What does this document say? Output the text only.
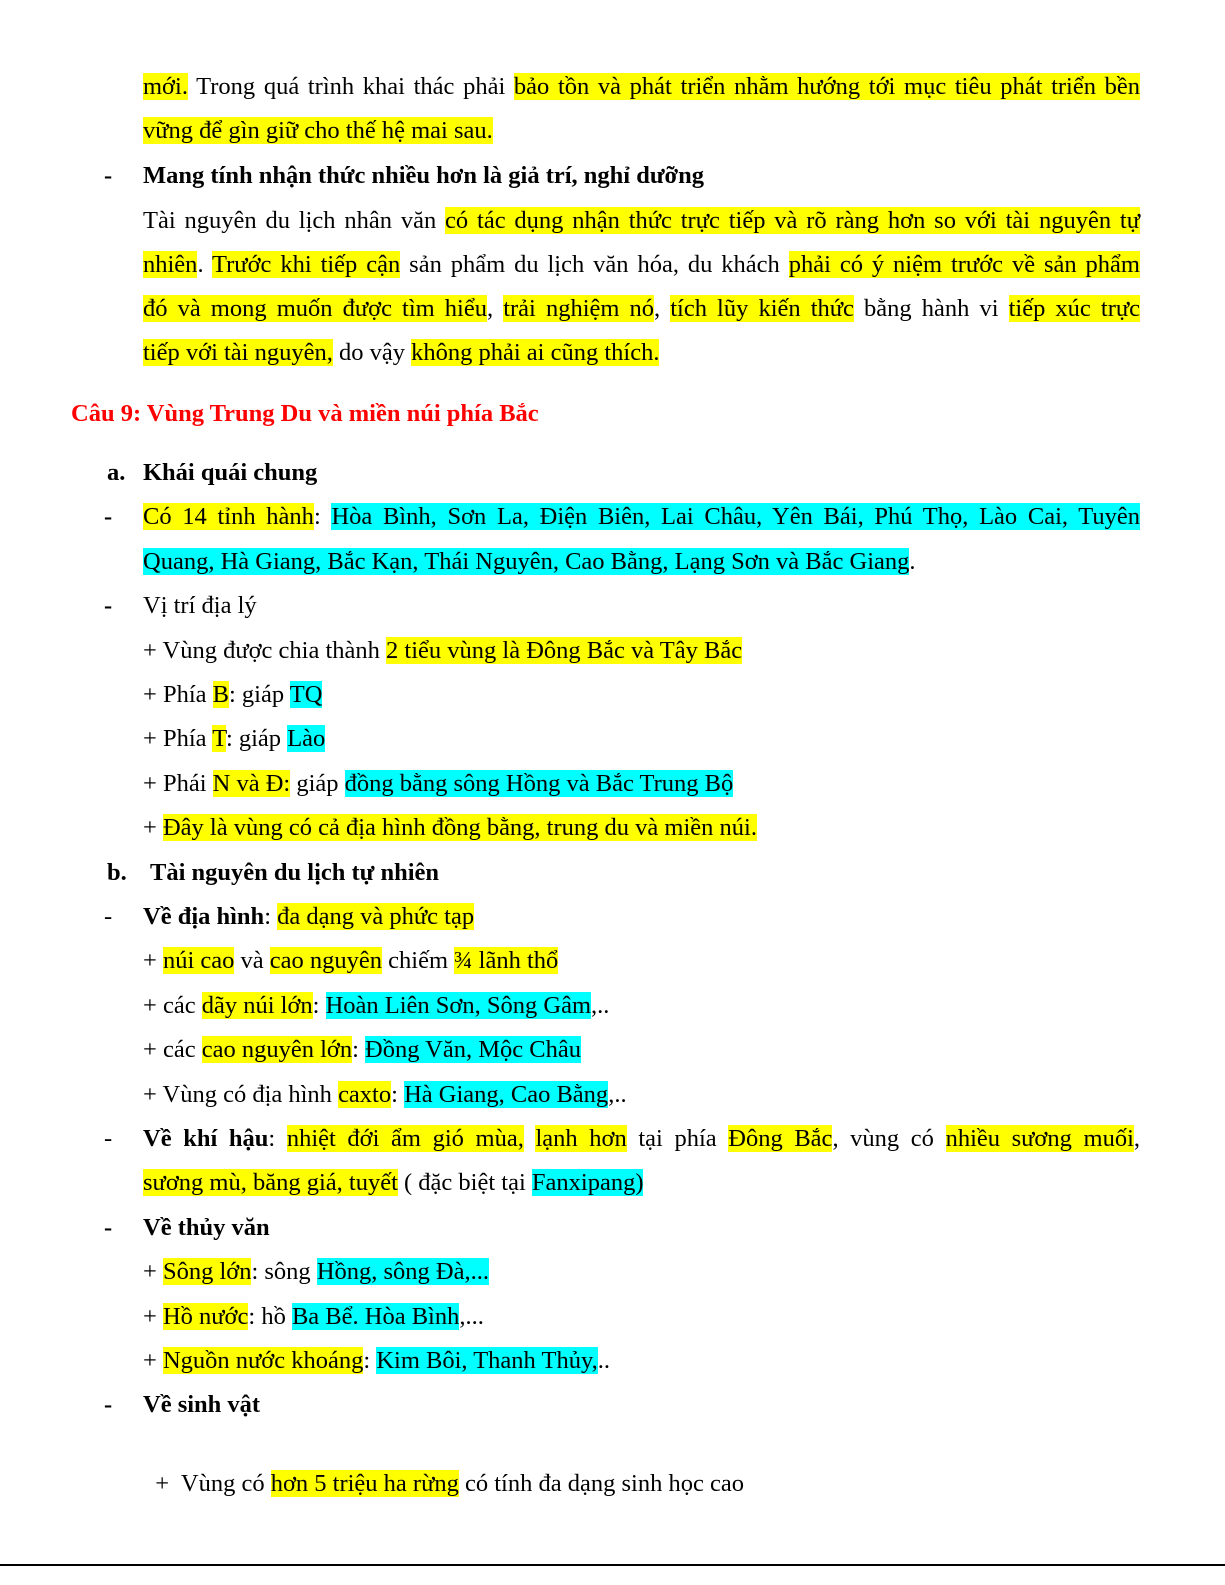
mới. Trong quá trình khai thác phải bảo tồn và phát triển nhằm hướng tới mục tiêu phát triển bền
vững để gìn giữ cho thế hệ mai sau.
- Mang tính nhận thức nhiều hơn là giả trí, nghỉ dưỡng
Tài nguyên du lịch nhân văn có tác dụng nhận thức trực tiếp và rõ ràng hơn so với tài nguyên tự
nhiên. Trước khi tiếp cận sản phẩm du lịch văn hóa, du khách phải có ý niệm trước về sản phẩm
đó và mong muốn được tìm hiểu, trải nghiệm nó, tích lũy kiến thức bằng hành vi tiếp xúc trực
tiếp với tài nguyên, do vậy không phải ai cũng thích.
Câu 9: Vùng Trung Du và miền núi phía Bắc
a. Khái quái chung
- Có 14 tỉnh hành: Hòa Bình, Sơn La, Điện Biên, Lai Châu, Yên Bái, Phú Thọ, Lào Cai, Tuyên
Quang, Hà Giang, Bắc Kạn, Thái Nguyên, Cao Bằng, Lạng Sơn và Bắc Giang.
- Vị trí địa lý
+ Vùng được chia thành 2 tiểu vùng là Đông Bắc và Tây Bắc
+ Phía B: giáp TQ
+ Phía T: giáp Lào
+ Phái N và Đ: giáp đồng bằng sông Hồng và Bắc Trung Bộ
+ Đây là vùng có cả địa hình đồng bằng, trung du và miền núi.
b. Tài nguyên du lịch tự nhiên
- Về địa hình: đa dạng và phức tạp
+ núi cao và cao nguyên chiếm ¾ lãnh thổ
+ các dãy núi lớn: Hoàn Liên Sơn, Sông Gâm,..
+ các cao nguyên lớn: Đồng Văn, Mộc Châu
+ Vùng có địa hình caxto: Hà Giang, Cao Bằng,..
- Về khí hậu: nhiệt đới ẩm gió mùa, lạnh hơn tại phía Đông Bắc, vùng có nhiều sương muối,
sương mù, băng giá, tuyết ( đặc biệt tại Fanxipang)
- Về thủy văn
+ Sông lớn: sông Hồng, sông Đà,...
+ Hồ nước: hồ Ba Bể. Hòa Bình,...
+ Nguồn nước khoáng: Kim Bôi, Thanh Thủy,..
- Về sinh vật

+  Vùng có hơn 5 triệu ha rừng có tính đa dạng sinh học cao
